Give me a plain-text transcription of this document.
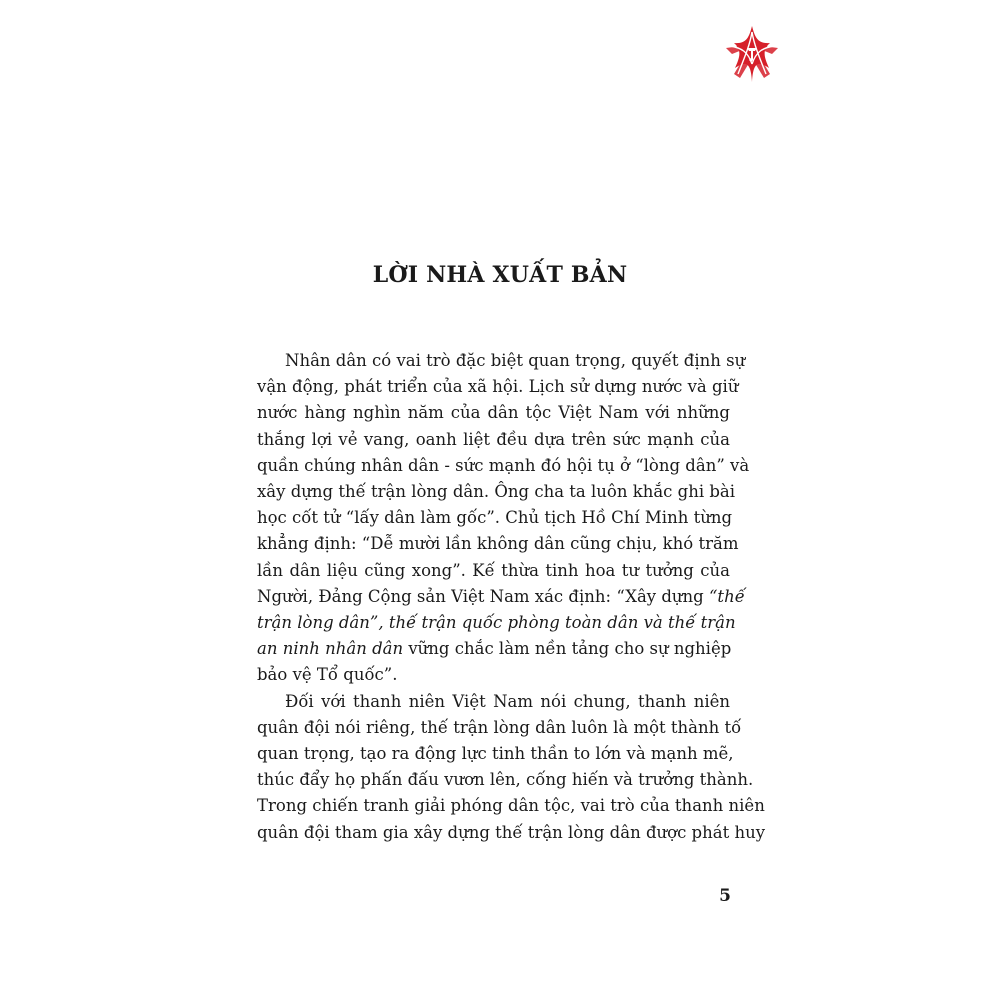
LỜI NHÀ XUẤT BẢN
Nhân dân có vai trò đặc biệt quan trọng, quyết định sự
vận động, phát triển của xã hội. Lịch sử dựng nước và giữ
nước hàng nghìn năm của dân tộc Việt Nam với những
thắng lợi vẻ vang, oanh liệt đều dựa trên sức mạnh của
quần chúng nhân dân - sức mạnh đó hội tụ ở “lòng dân” và
xây dựng thế trận lòng dân. Ông cha ta luôn khắc ghi bài
học cốt tử “lấy dân làm gốc”. Chủ tịch Hồ Chí Minh từng
khẳng định: “Dễ mười lần không dân cũng chịu, khó trăm
lần dân liệu cũng xong”. Kế thừa tinh hoa tư tưởng của
Người, Đảng Cộng sản Việt Nam xác định: “Xây dựng “thế
trận lòng dân”, thế trận quốc phòng toàn dân và thế trận
an ninh nhân dân vững chắc làm nền tảng cho sự nghiệp
bảo vệ Tổ quốc”.
Đối với thanh niên Việt Nam nói chung, thanh niên
quân đội nói riêng, thế trận lòng dân luôn là một thành tố
quan trọng, tạo ra động lực tinh thần to lớn và mạnh mẽ,
thúc đẩy họ phấn đấu vươn lên, cống hiến và trưởng thành.
Trong chiến tranh giải phóng dân tộc, vai trò của thanh niên
quân đội tham gia xây dựng thế trận lòng dân được phát huy
5
